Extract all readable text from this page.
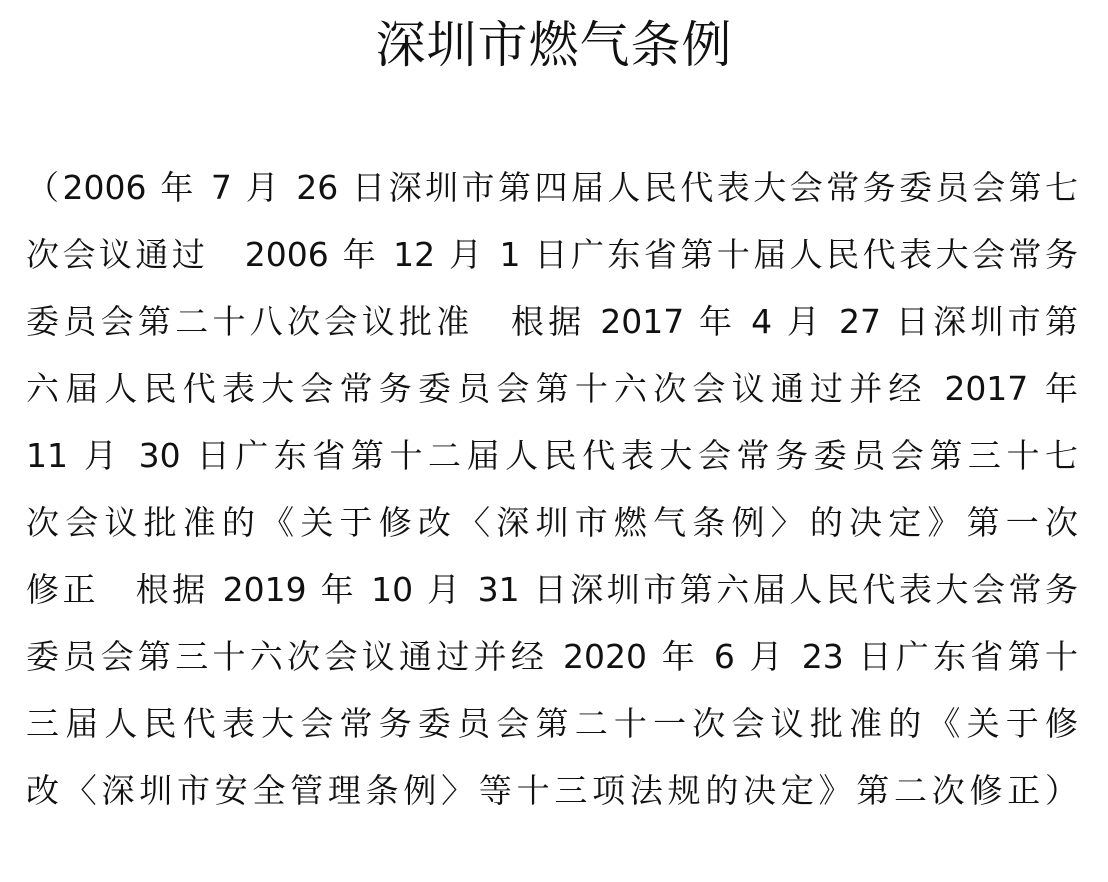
深圳市燃气条例
（2006 年 7 月 26 日深圳市第四届人民代表大会常务委员会第七
次会议通过　2006 年 12 月 1 日广东省第十届人民代表大会常务
委员会第二十八次会议批准　根据 2017 年 4 月 27 日深圳市第
六届人民代表大会常务委员会第十六次会议通过并经 2017 年
11 月 30 日广东省第十二届人民代表大会常务委员会第三十七
次会议批准的《关于修改〈深圳市燃气条例〉的决定》第一次
修正　根据 2019 年 10 月 31 日深圳市第六届人民代表大会常务
委员会第三十六次会议通过并经 2020 年 6 月 23 日广东省第十
三届人民代表大会常务委员会第二十一次会议批准的《关于修
改〈深圳市安全管理条例〉等十三项法规的决定》第二次修正）
